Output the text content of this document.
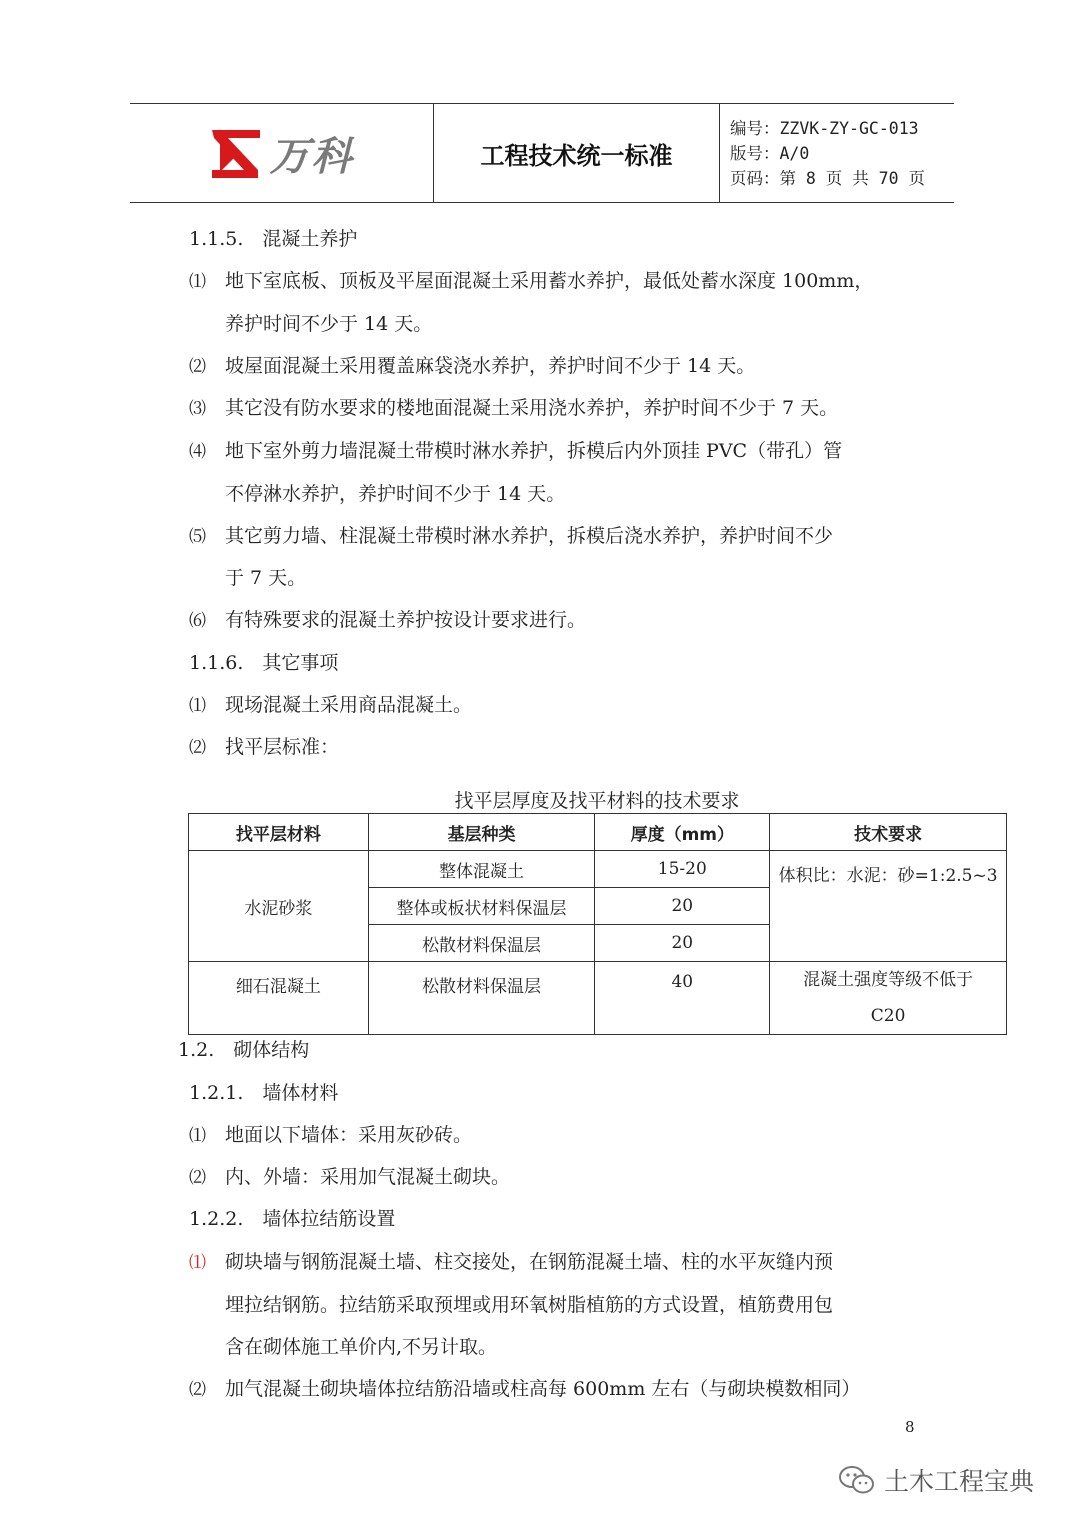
万科	工程技术统一标准
编号：ZZVK-ZY-GC-013
版号：A/0
页码：第 8 页 共 70 页
1.1.5.　混凝土养护
⑴ 地下室底板、顶板及平屋面混凝土采用蓄水养护，最低处蓄水深度 100mm，
养护时间不少于 14 天。
⑵ 坡屋面混凝土采用覆盖麻袋浇水养护，养护时间不少于 14 天。
⑶ 其它没有防水要求的楼地面混凝土采用浇水养护，养护时间不少于 7 天。
⑷ 地下室外剪力墙混凝土带模时淋水养护，拆模后内外顶挂 PVC（带孔）管
不停淋水养护，养护时间不少于 14 天。
⑸ 其它剪力墙、柱混凝土带模时淋水养护，拆模后浇水养护，养护时间不少
于 7 天。
⑹ 有特殊要求的混凝土养护按设计要求进行。
1.1.6.　其它事项
⑴ 现场混凝土采用商品混凝土。
⑵ 找平层标准：
找平层厚度及找平材料的技术要求
找平层材料	基层种类	厚度（mm）	技术要求
水泥砂浆	整体混凝土	15-20	体积比：水泥：砂=1:2.5~3
	整体或板状材料保温层	20	
	松散材料保温层	20	
细石混凝土	松散材料保温层	40	混凝土强度等级不低于
C20
1.2.　砌体结构
1.2.1.　墙体材料
⑴ 地面以下墙体：采用灰砂砖。
⑵ 内、外墙：采用加气混凝土砌块。
1.2.2.　墙体拉结筋设置
⑴ 砌块墙与钢筋混凝土墙、柱交接处，在钢筋混凝土墙、柱的水平灰缝内预
埋拉结钢筋。拉结筋采取预埋或用环氧树脂植筋的方式设置，植筋费用包
含在砌体施工单价内,不另计取。
⑵ 加气混凝土砌块墙体拉结筋沿墙或柱高每 600mm 左右（与砌块模数相同）
8
土木工程宝典
